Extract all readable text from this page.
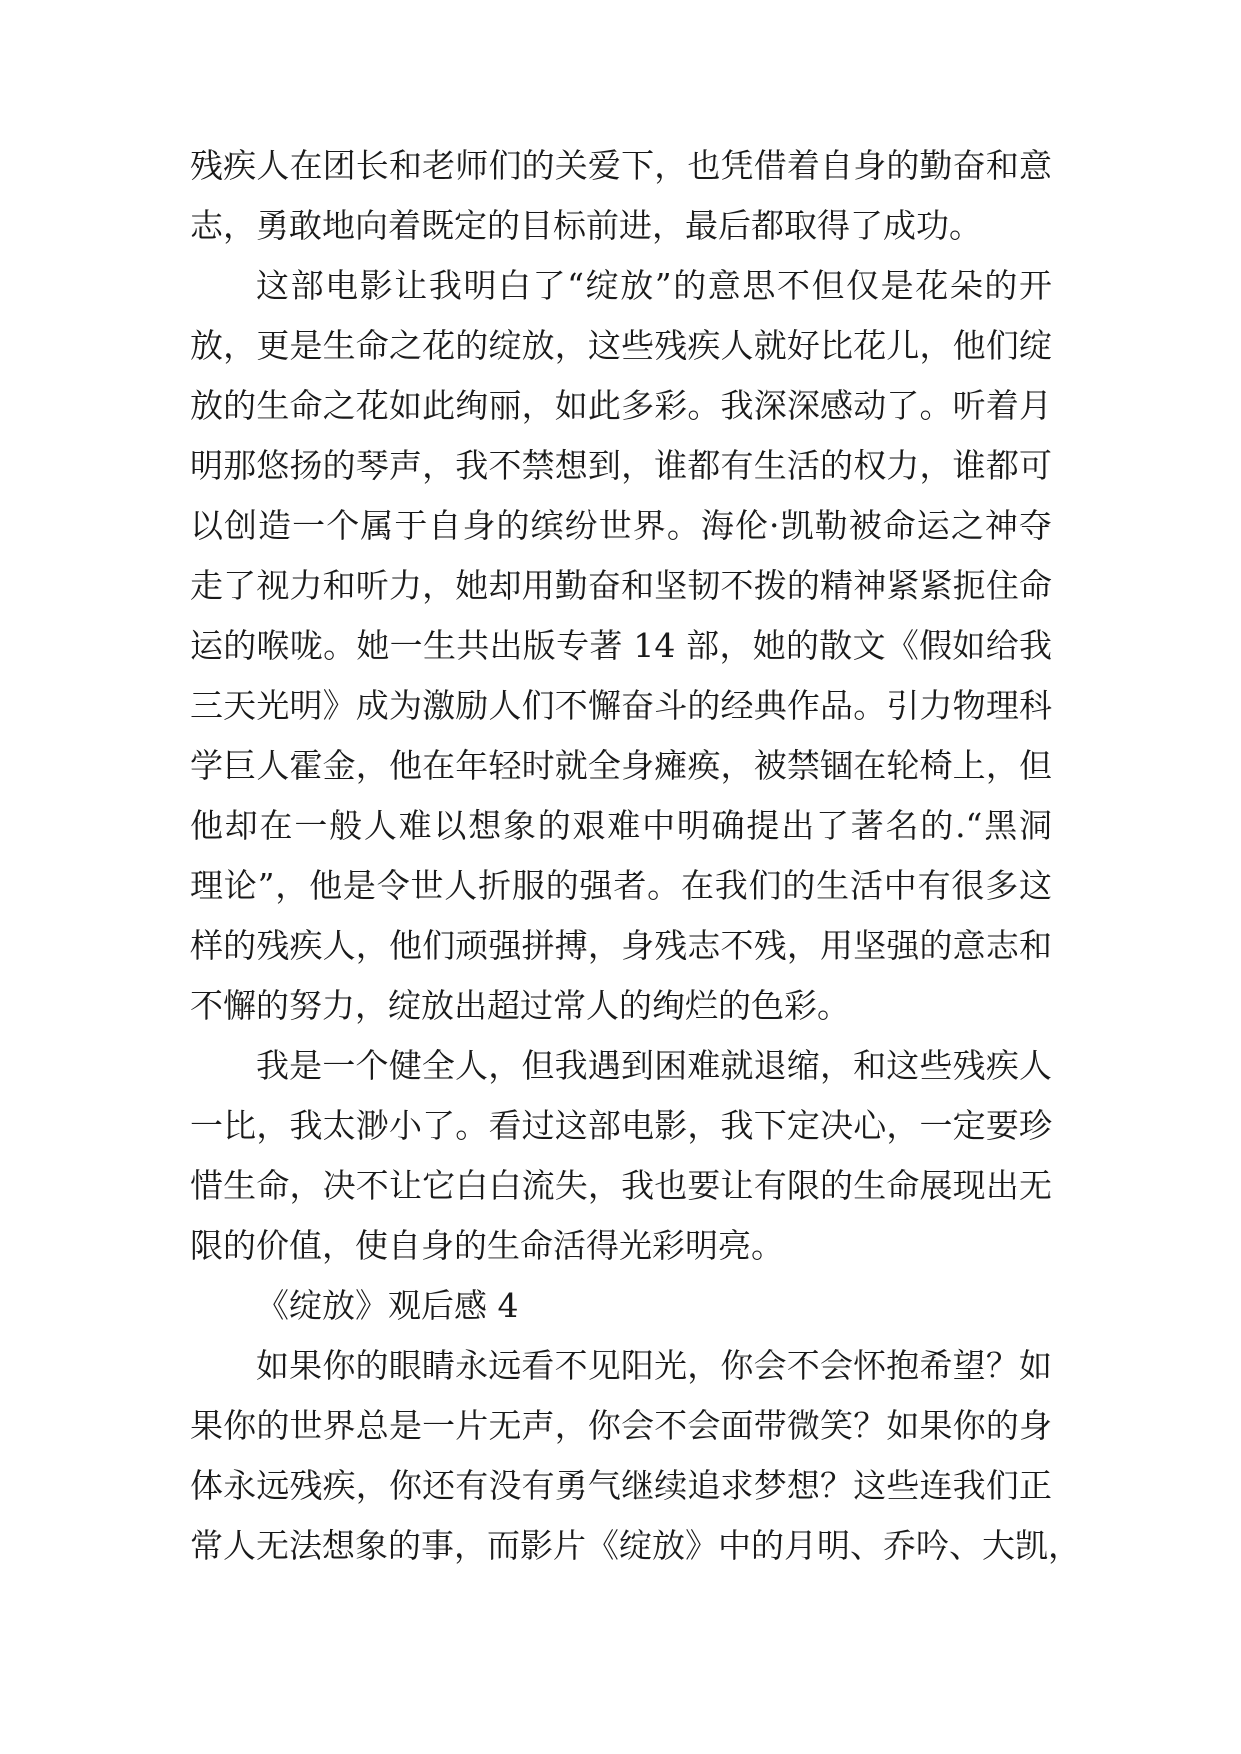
残疾人在团长和老师们的关爱下，也凭借着自身的勤奋和意
志，勇敢地向着既定的目标前进，最后都取得了成功。
这部电影让我明白了“绽放”的意思不但仅是花朵的开
放，更是生命之花的绽放，这些残疾人就好比花儿，他们绽
放的生命之花如此绚丽，如此多彩。我深深感动了。听着月
明那悠扬的琴声，我不禁想到，谁都有生活的权力，谁都可
以创造一个属于自身的缤纷世界。海伦·凯勒被命运之神夺
走了视力和听力，她却用勤奋和坚韧不拨的精神紧紧扼住命
运的喉咙。她一生共出版专著 14 部，她的散文《假如给我
三天光明》成为激励人们不懈奋斗的经典作品。引力物理科
学巨人霍金，他在年轻时就全身瘫痪，被禁锢在轮椅上，但
他却在一般人难以想象的艰难中明确提出了著名的.“黑洞
理论”，他是令世人折服的强者。在我们的生活中有很多这
样的残疾人，他们顽强拼搏，身残志不残，用坚强的意志和
不懈的努力，绽放出超过常人的绚烂的色彩。
我是一个健全人，但我遇到困难就退缩，和这些残疾人
一比，我太渺小了。看过这部电影，我下定决心，一定要珍
惜生命，决不让它白白流失，我也要让有限的生命展现出无
限的价值，使自身的生命活得光彩明亮。
《绽放》观后感 4
如果你的眼睛永远看不见阳光，你会不会怀抱希望？如
果你的世界总是一片无声，你会不会面带微笑？如果你的身
体永远残疾，你还有没有勇气继续追求梦想？这些连我们正
常人无法想象的事，而影片《绽放》中的月明、乔吟、大凯，
